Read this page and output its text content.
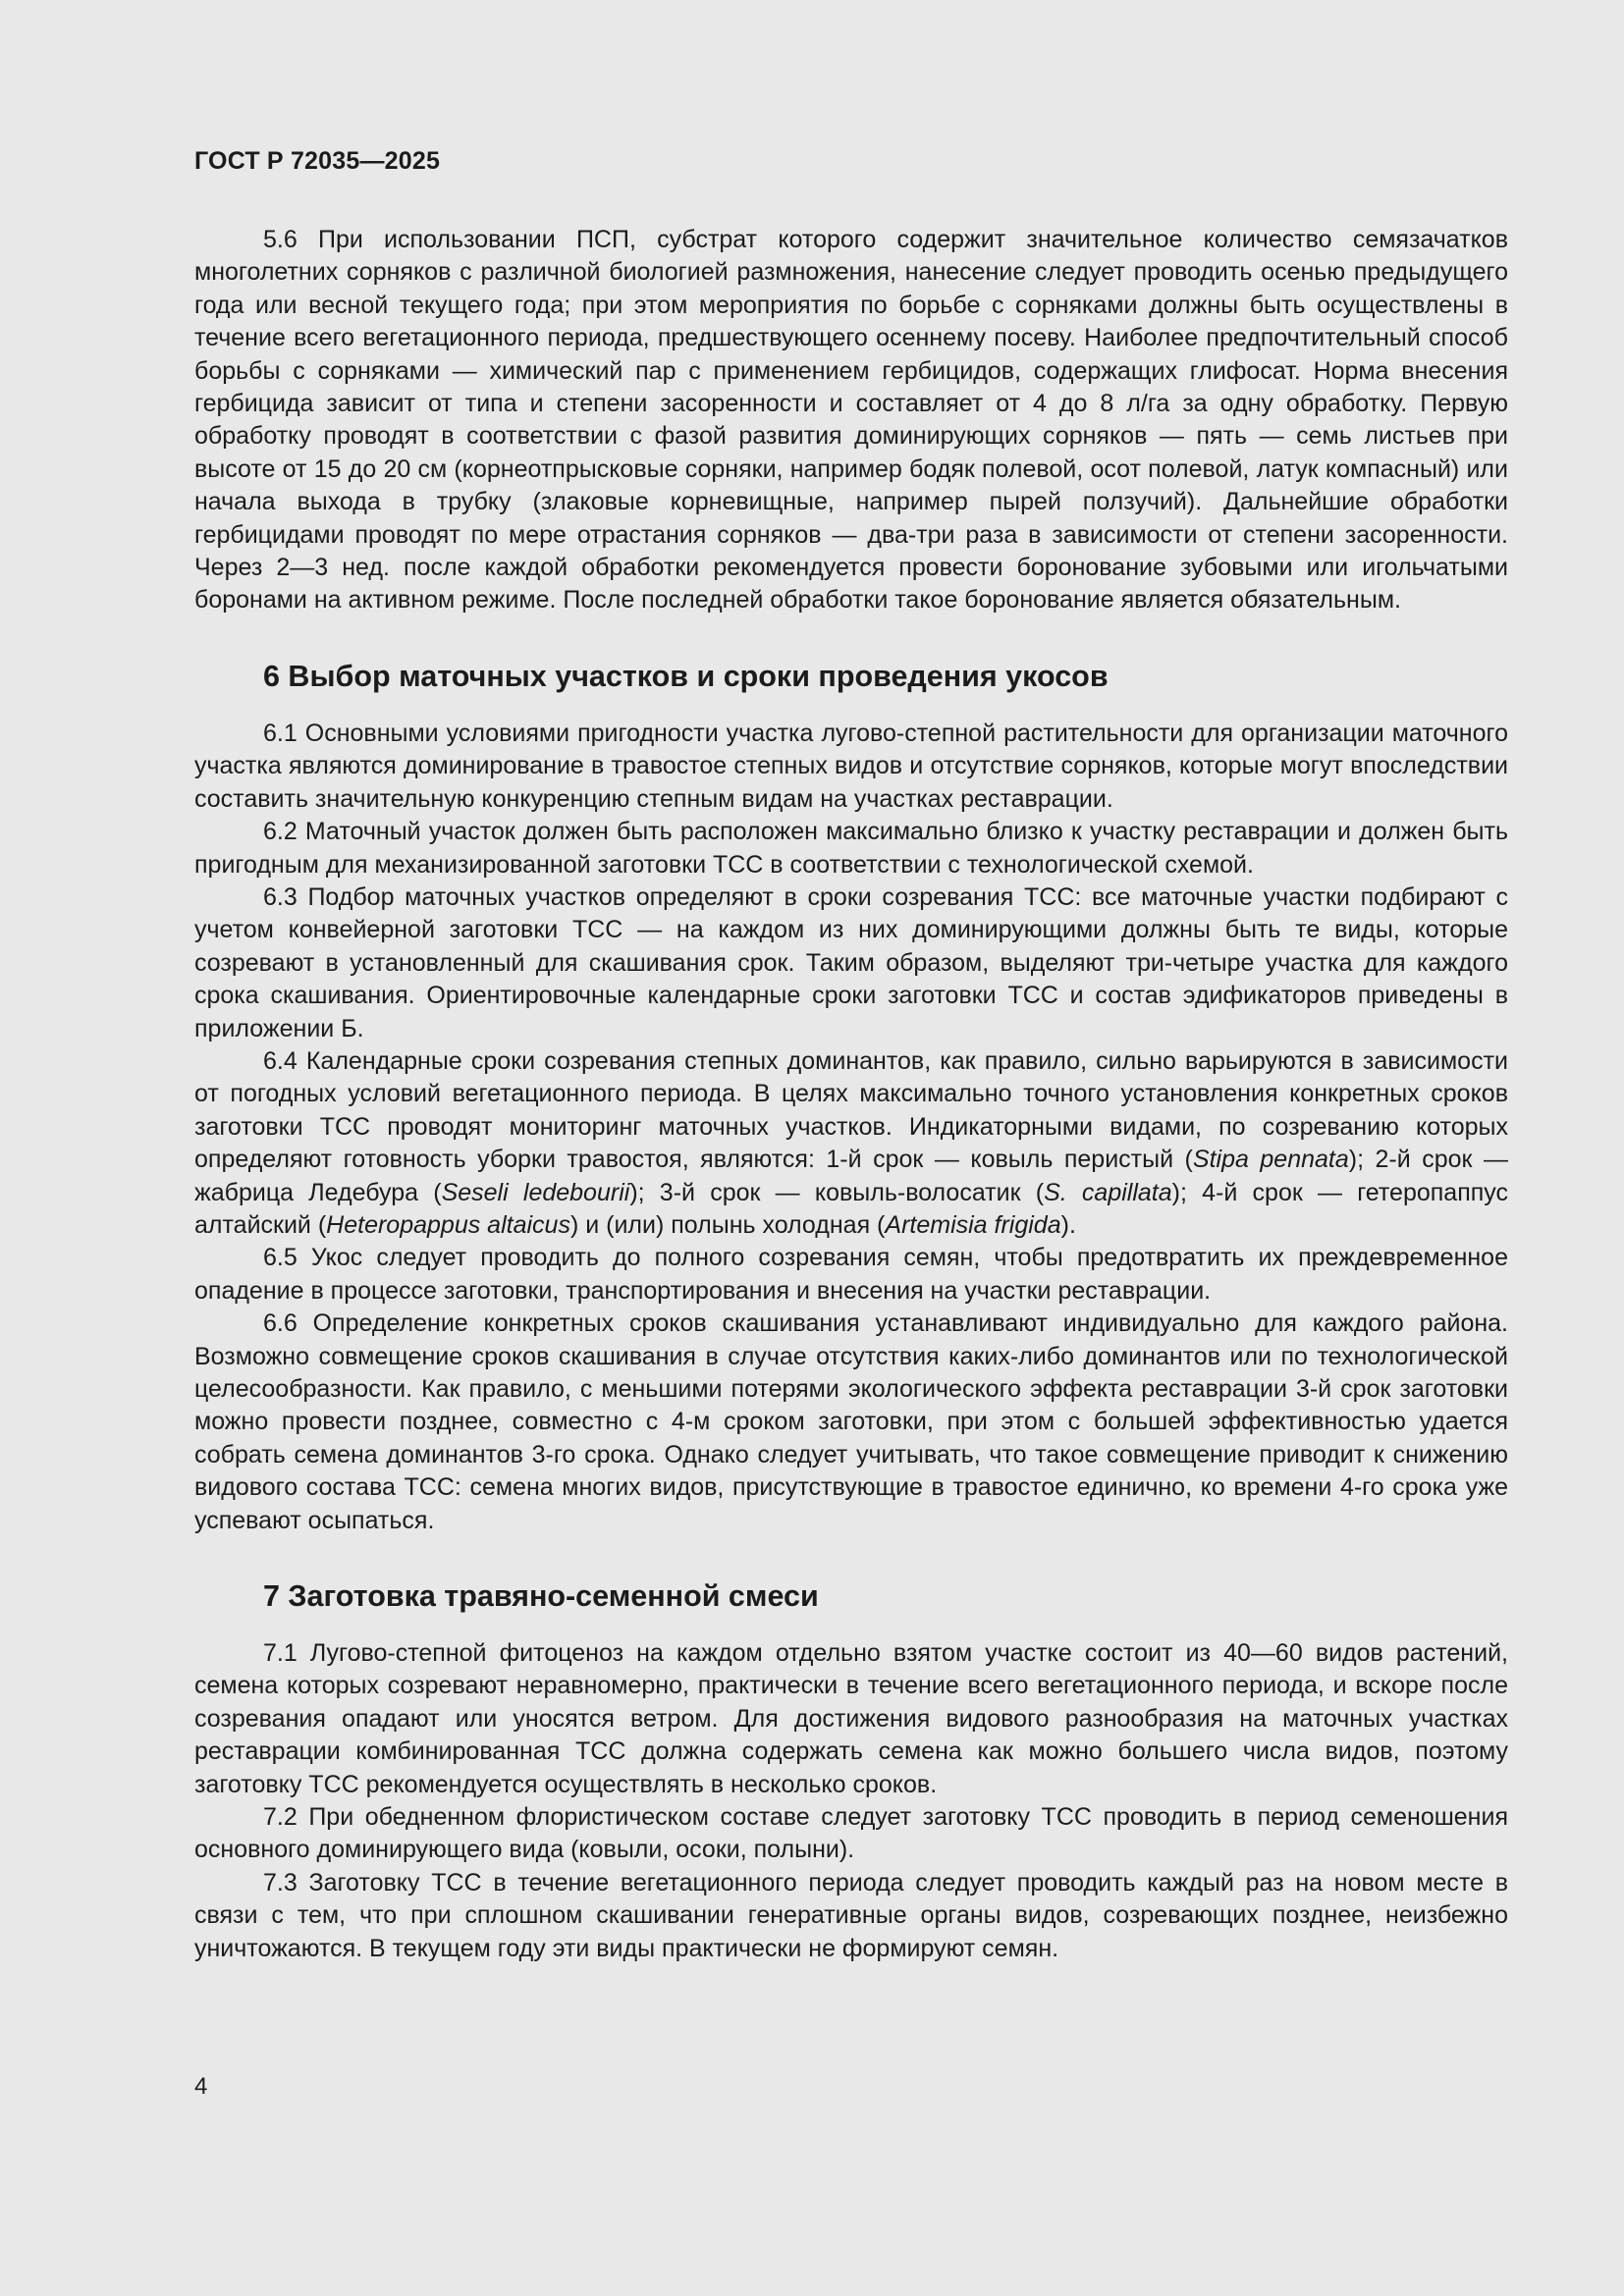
ГОСТ Р 72035—2025

5.6 При использовании ПСП, субстрат которого содержит значительное количество семязачатков многолетних сорняков с различной биологией размножения, нанесение следует проводить осенью предыдущего года или весной текущего года; при этом мероприятия по борьбе с сорняками должны быть осуществлены в течение всего вегетационного периода, предшествующего осеннему посеву. Наиболее предпочтительный способ борьбы с сорняками — химический пар с применением гербицидов, содержащих глифосат. Норма внесения гербицида зависит от типа и степени засоренности и составляет от 4 до 8 л/га за одну обработку. Первую обработку проводят в соответствии с фазой развития доминирующих сорняков — пять — семь листьев при высоте от 15 до 20 см (корнеотпрысковые сорняки, например бодяк полевой, осот полевой, латук компасный) или начала выхода в трубку (злаковые корневищные, например пырей ползучий). Дальнейшие обработки гербицидами проводят по мере отрастания сорняков — два-три раза в зависимости от степени засоренности. Через 2—3 нед. после каждой обработки рекомендуется провести боронование зубовыми или игольчатыми боронами на активном режиме. После последней обработки такое боронование является обязательным.

6 Выбор маточных участков и сроки проведения укосов

6.1 Основными условиями пригодности участка лугово-степной растительности для организации маточного участка являются доминирование в травостое степных видов и отсутствие сорняков, которые могут впоследствии составить значительную конкуренцию степным видам на участках реставрации.

6.2 Маточный участок должен быть расположен максимально близко к участку реставрации и должен быть пригодным для механизированной заготовки ТСС в соответствии с технологической схемой.

6.3 Подбор маточных участков определяют в сроки созревания ТСС: все маточные участки подбирают с учетом конвейерной заготовки ТСС — на каждом из них доминирующими должны быть те виды, которые созревают в установленный для скашивания срок. Таким образом, выделяют три-четыре участка для каждого срока скашивания. Ориентировочные календарные сроки заготовки ТСС и состав эдификаторов приведены в приложении Б.

6.4 Календарные сроки созревания степных доминантов, как правило, сильно варьируются в зависимости от погодных условий вегетационного периода. В целях максимально точного установления конкретных сроков заготовки ТСС проводят мониторинг маточных участков. Индикаторными видами, по созреванию которых определяют готовность уборки травостоя, являются: 1-й срок — ковыль перистый (Stipa pennata); 2-й срок — жабрица Ледебура (Seseli ledebourii); 3-й срок — ковыль-волосатик (S. capillata); 4-й срок — гетеропаппус алтайский (Heteropappus altaicus) и (или) полынь холодная (Artemisia frigida).

6.5 Укос следует проводить до полного созревания семян, чтобы предотвратить их преждевременное опадение в процессе заготовки, транспортирования и внесения на участки реставрации.

6.6 Определение конкретных сроков скашивания устанавливают индивидуально для каждого района. Возможно совмещение сроков скашивания в случае отсутствия каких-либо доминантов или по технологической целесообразности. Как правило, с меньшими потерями экологического эффекта реставрации 3-й срок заготовки можно провести позднее, совместно с 4-м сроком заготовки, при этом с большей эффективностью удается собрать семена доминантов 3-го срока. Однако следует учитывать, что такое совмещение приводит к снижению видового состава ТСС: семена многих видов, присутствующие в травостое единично, ко времени 4-го срока уже успевают осыпаться.

7 Заготовка травяно-семенной смеси

7.1 Лугово-степной фитоценоз на каждом отдельно взятом участке состоит из 40—60 видов растений, семена которых созревают неравномерно, практически в течение всего вегетационного периода, и вскоре после созревания опадают или уносятся ветром. Для достижения видового разнообразия на маточных участках реставрации комбинированная ТСС должна содержать семена как можно большего числа видов, поэтому заготовку ТСС рекомендуется осуществлять в несколько сроков.

7.2 При обедненном флористическом составе следует заготовку ТСС проводить в период семеношения основного доминирующего вида (ковыли, осоки, полыни).

7.3 Заготовку ТСС в течение вегетационного периода следует проводить каждый раз на новом месте в связи с тем, что при сплошном скашивании генеративные органы видов, созревающих позднее, неизбежно уничтожаются. В текущем году эти виды практически не формируют семян.

4
